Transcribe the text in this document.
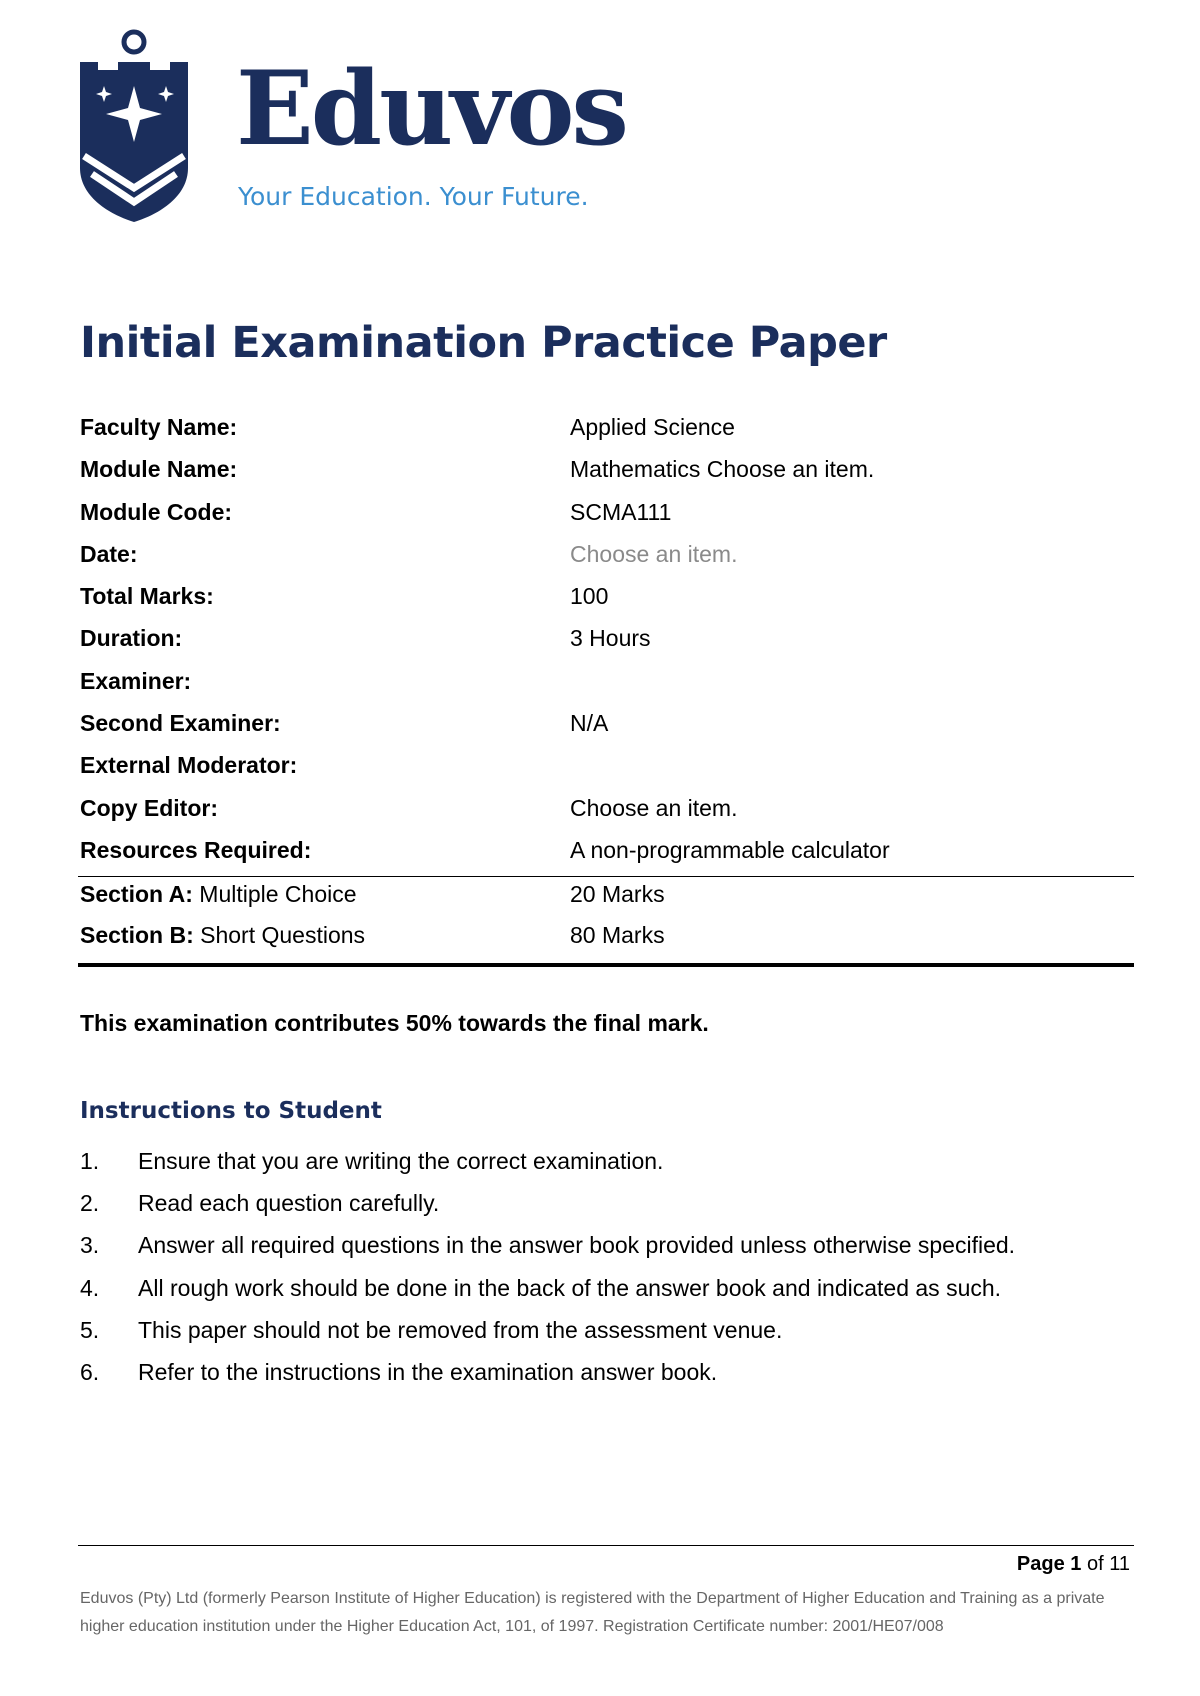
Eduvos
Your Education. Your Future.
Initial Examination Practice Paper
Faculty Name:	Applied Science
Module Name:	Mathematics Choose an item.
Module Code:	SCMA111
Date:	Choose an item.
Total Marks:	100
Duration:	3 Hours
Examiner:
Second Examiner:	N/A
External Moderator:
Copy Editor:	Choose an item.
Resources Required:	A non-programmable calculator
Section A: Multiple Choice	20 Marks
Section B: Short Questions	80 Marks
This examination contributes 50% towards the final mark.
Instructions to Student
1. Ensure that you are writing the correct examination.
2. Read each question carefully.
3. Answer all required questions in the answer book provided unless otherwise specified.
4. All rough work should be done in the back of the answer book and indicated as such.
5. This paper should not be removed from the assessment venue.
6. Refer to the instructions in the examination answer book.
Page 1 of 11
Eduvos (Pty) Ltd (formerly Pearson Institute of Higher Education) is registered with the Department of Higher Education and Training as a private
higher education institution under the Higher Education Act, 101, of 1997. Registration Certificate number: 2001/HE07/008
